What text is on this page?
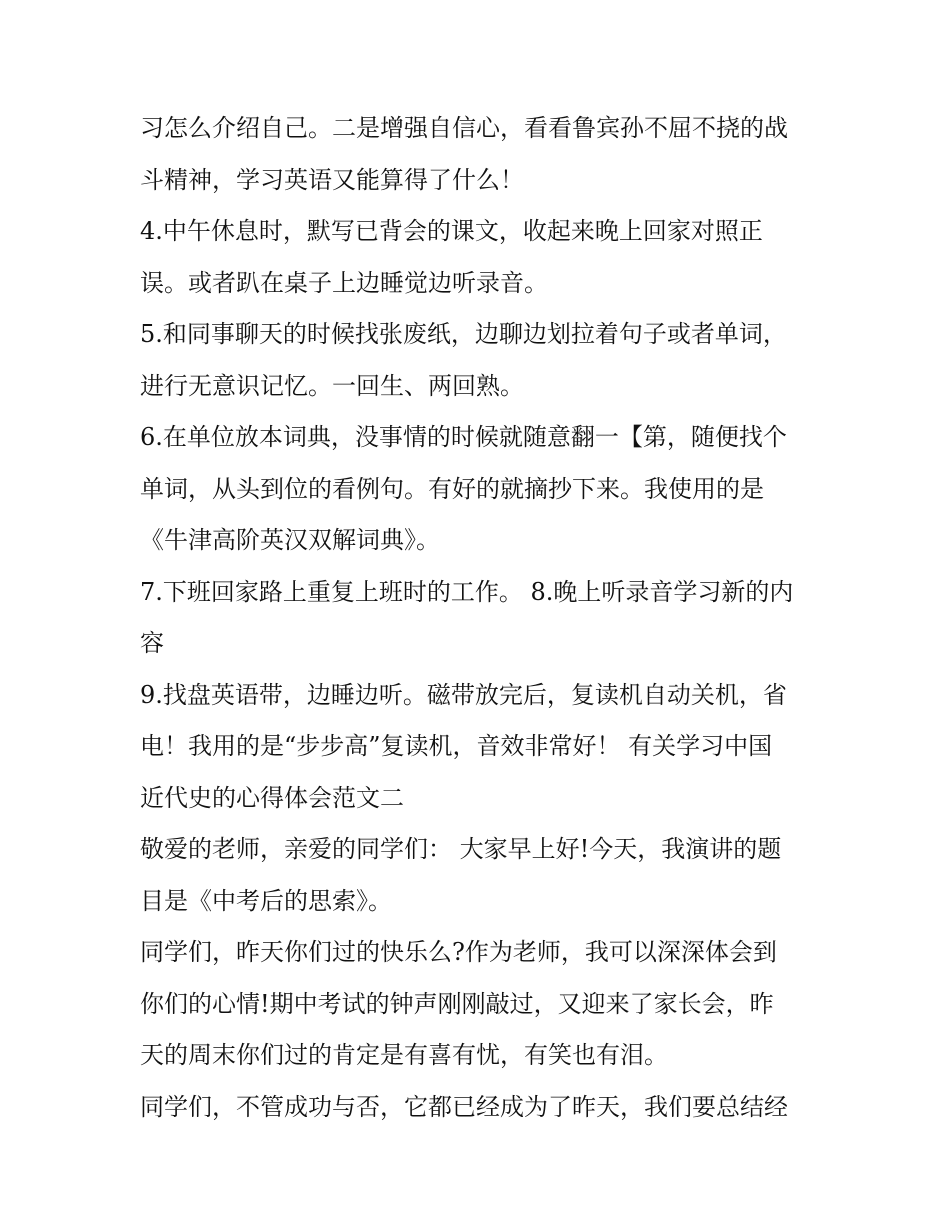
习怎么介绍自己。二是增强自信心，看看鲁宾孙不屈不挠的战
斗精神，学习英语又能算得了什么！
4.中午休息时，默写已背会的课文，收起来晚上回家对照正
误。或者趴在桌子上边睡觉边听录音。
5.和同事聊天的时候找张废纸，边聊边划拉着句子或者单词，
进行无意识记忆。一回生、两回熟。
6.在单位放本词典，没事情的时候就随意翻一【第，随便找个
单词，从头到位的看例句。有好的就摘抄下来。我使用的是
《牛津高阶英汉双解词典》。
7.下班回家路上重复上班时的工作。 8.晚上听录音学习新的内
容
9.找盘英语带，边睡边听。磁带放完后，复读机自动关机，省
电！我用的是“步步高”复读机，音效非常好！ 有关学习中国
近代史的心得体会范文二
敬爱的老师，亲爱的同学们： 大家早上好!今天，我演讲的题
目是《中考后的思索》。
同学们，昨天你们过的快乐么?作为老师，我可以深深体会到
你们的心情!期中考试的钟声刚刚敲过，又迎来了家长会，昨
天的周末你们过的肯定是有喜有忧，有笑也有泪。
同学们，不管成功与否，它都已经成为了昨天，我们要总结经
